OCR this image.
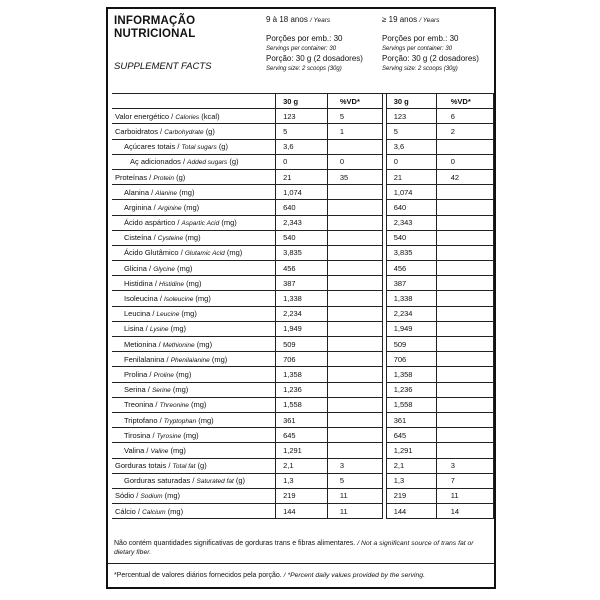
INFORMAÇÃO
NUTRICIONAL
SUPPLEMENT FACTS
9 à 18 anos / Years
Porções por emb.: 30
Servings per container: 30
Porção: 30 g (2 dosadores)
Serving size: 2 scoops (30g)
≥ 19 anos / Years
Porções por emb.: 30
Servings per container: 30
Porção: 30 g (2 dosadores)
Serving size: 2 scoops (30g)
	30 g	%VD*		30 g	%VD*
Valor energético / Calories (kcal)	123	5		123	6
Carboidratos / Carbohydrate (g)	5	1		5	2
Açúcares totais / Total sugars (g)	3,6			3,6	
Aç adicionados / Added sugars (g)	0	0		0	0
Proteínas / Protein (g)	21	35		21	42
Alanina / Alanine (mg)	1,074			1,074	
Arginina / Arginine (mg)	640			640	
Ácido aspártico / Aspartic Acid (mg)	2,343			2,343	
Cisteína / Cysteine (mg)	540			540	
Ácido Glutâmico / Glutamic Acid (mg)	3,835			3,835	
Glicina / Glycine (mg)	456			456	
Histidina / Histidine (mg)	387			387	
Isoleucina / Isoleucine (mg)	1,338			1,338	
Leucina / Leucine (mg)	2,234			2,234	
Lisina / Lysine (mg)	1,949			1,949	
Metionina / Methionine (mg)	509			509	
Fenilalanina / Phenilalanine (mg)	706			706	
Prolina / Proline (mg)	1,358			1,358	
Serina / Serine (mg)	1,236			1,236	
Treonina / Threonine (mg)	1,558			1,558	
Triptofano / Tryptophan (mg)	361			361	
Tirosina / Tyrosine (mg)	645			645	
Valina / Valine (mg)	1,291			1,291	
Gorduras totais / Total fat (g)	2,1	3		2,1	3
Gorduras saturadas / Saturated fat (g)	1,3	5		1,3	7
Sódio / Sodium (mg)	219	11		219	11
Cálcio / Calcium (mg)	144	11		144	14
Não contém quantidades significativas de gorduras trans e fibras alimentares. / Not a significant source of trans fat or dietary fiber.
*Percentual de valores diários fornecidos pela porção. / *Percent daily values provided by the serving.
